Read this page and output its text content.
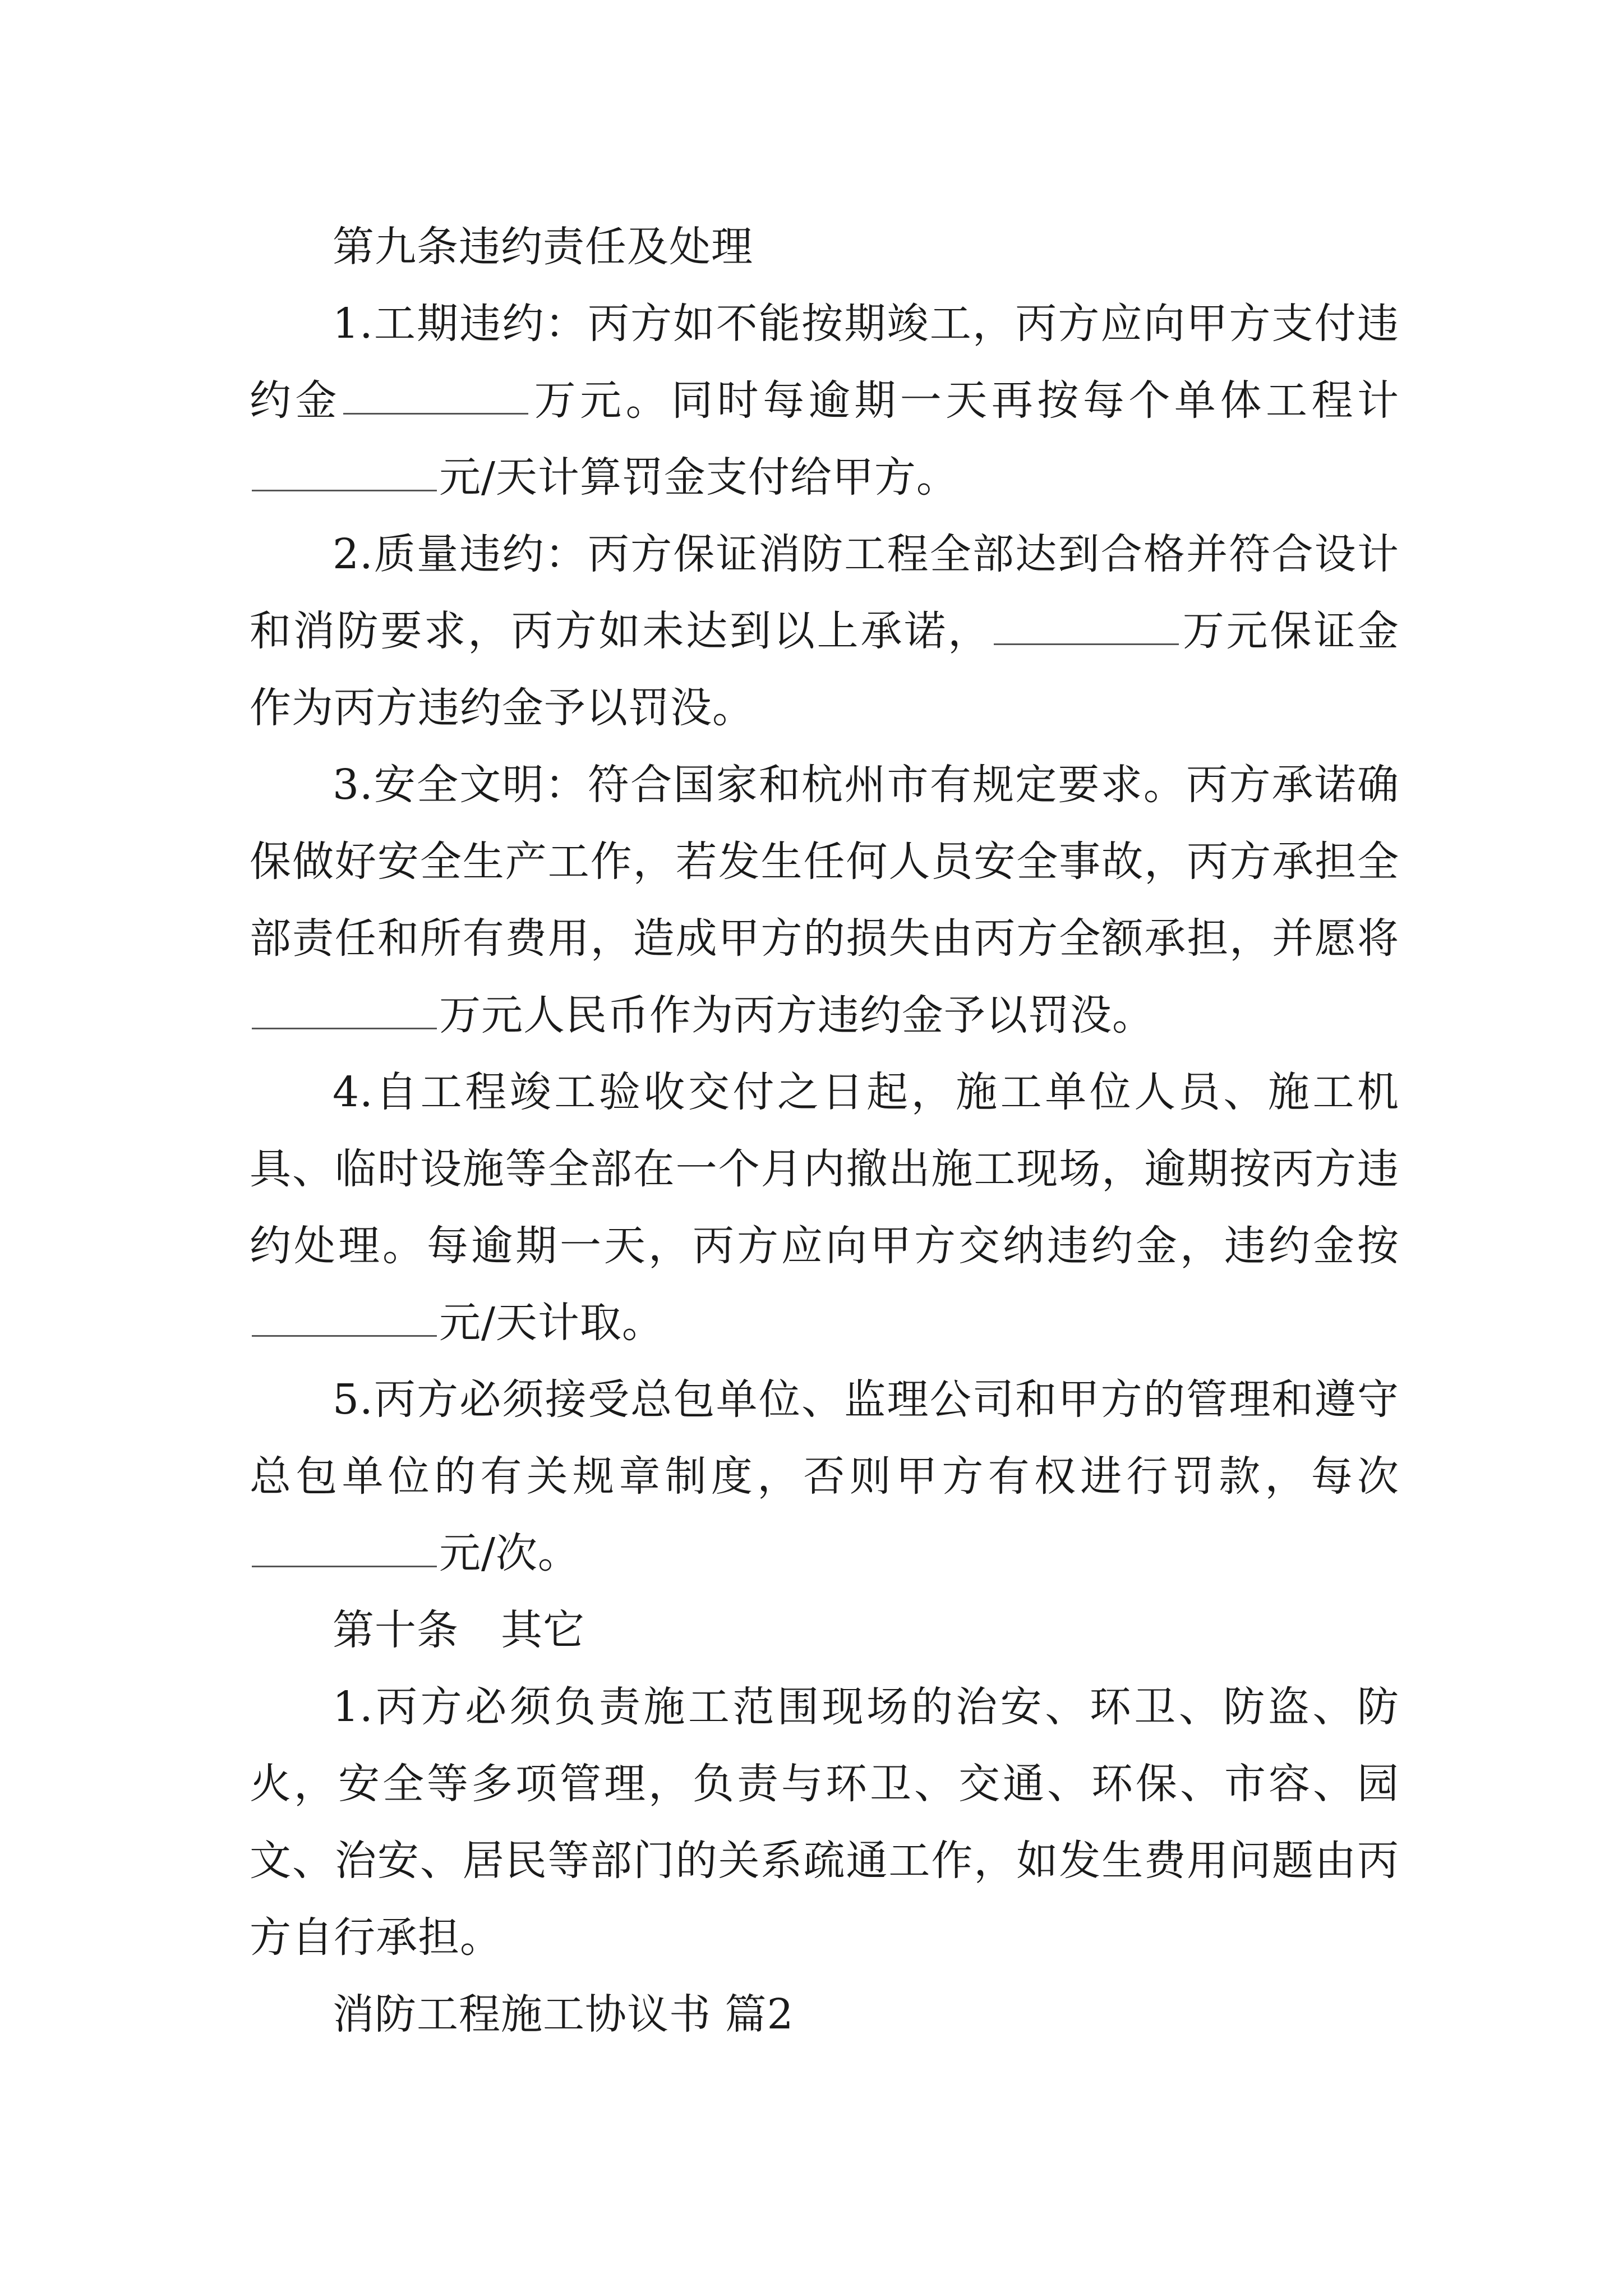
第九条违约责任及处理

1.工期违约：丙方如不能按期竣工，丙方应向甲方支付违约金	万元。同时每逾期一天再按每个单体工程计元/天计算罚金支付给甲方。

2.质量违约：丙方保证消防工程全部达到合格并符合设计和消防要求，丙方如未达到以上承诺，	万元保证金作为丙方违约金予以罚没。

3.安全文明：符合国家和杭州市有规定要求。丙方承诺确保做好安全生产工作，若发生任何人员安全事故，丙方承担全部责任和所有费用，造成甲方的损失由丙方全额承担，并愿将万元人民币作为丙方违约金予以罚没。

4.自工程竣工验收交付之日起，施工单位人员、施工机具、临时设施等全部在一个月内撤出施工现场，逾期按丙方违约处理。每逾期一天，丙方应向甲方交纳违约金，违约金按元/天计取。

5.丙方必须接受总包单位、监理公司和甲方的管理和遵守总包单位的有关规章制度，否则甲方有权进行罚款，每次元/次。

第十条　其它

1.丙方必须负责施工范围现场的治安、环卫、防盗、防火，安全等多项管理，负责与环卫、交通、环保、市容、园文、治安、居民等部门的关系疏通工作，如发生费用问题由丙方自行承担。

消防工程施工协议书 篇2
